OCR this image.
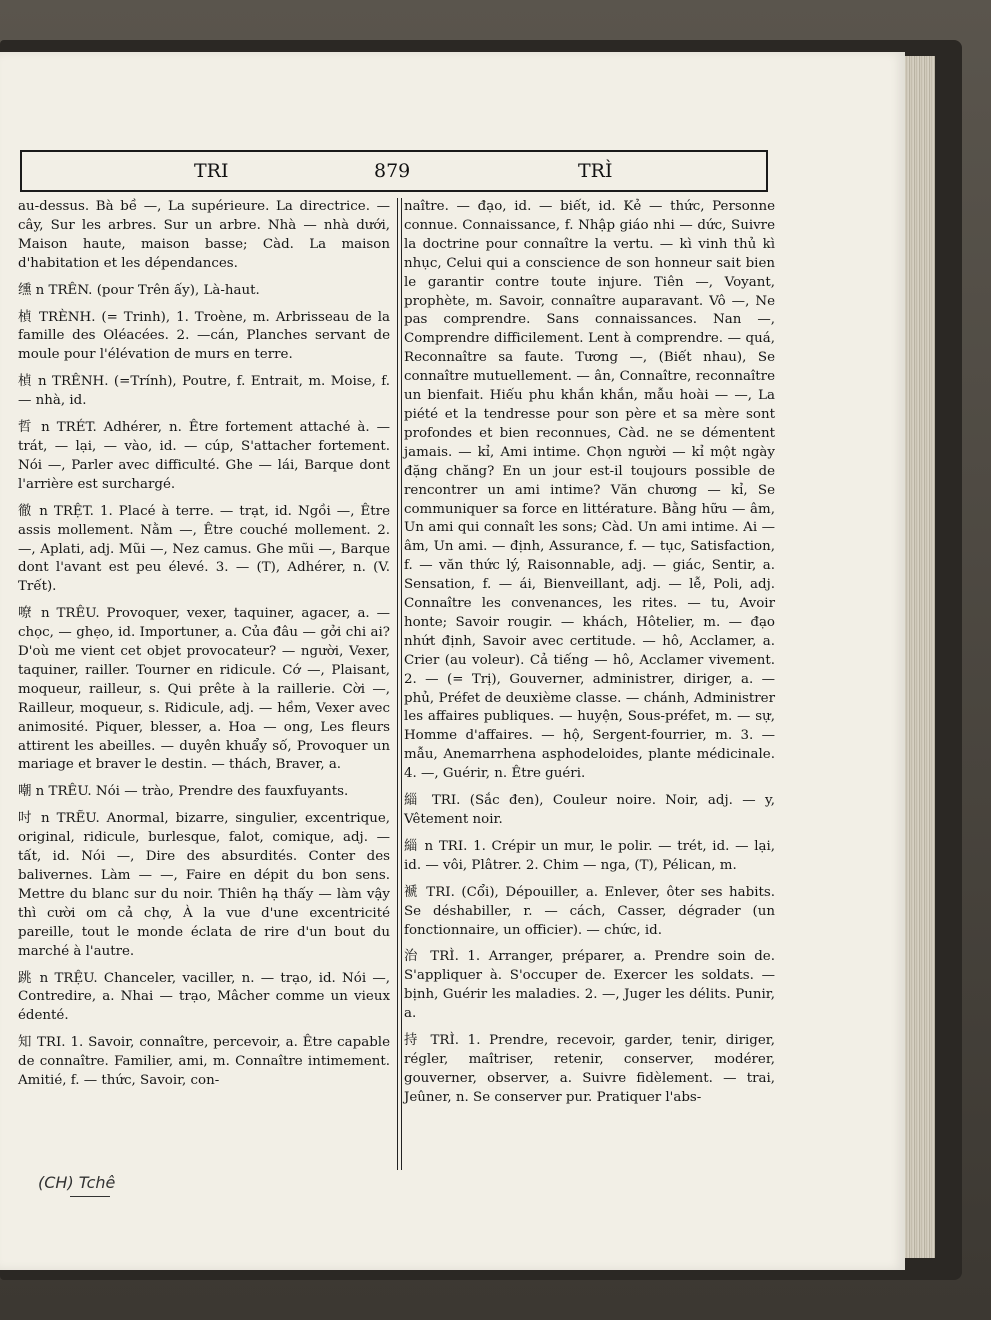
TRI	879	TRÌ

au-dessus. Bà bề —, La supérieure. La directrice. — cây, Sur les arbres. Sur un arbre. Nhà — nhà dưới, Maison haute, maison basse; Càd. La maison d'habitation et les dépendances.

𫄸 n TRÊN. (pour Trên ấy), Là-haut.

楨 TRÈNH. (= Trinh), 1. Troène, m. Arbrisseau de la famille des Oléacées. 2. —cán, Planches servant de moule pour l'élévation de murs en terre.

楨 n TRÊNH. (=Trính), Poutre, f. Entrait, m. Moise, f. — nhà, id.

哲 n TRÉT. Adhérer, n. Être fortement attaché à. — trát, — lại, — vào, id. — cúp, S'attacher fortement. Nói —, Parler avec difficulté. Ghe — lái, Barque dont l'arrière est surchargé.

徹 n TRỆT. 1. Placé à terre. — trạt, id. Ngồi —, Être assis mollement. Nằm —, Être couché mollement. 2. —, Aplati, adj. Mũi —, Nez camus. Ghe mũi —, Barque dont l'avant est peu élevé. 3. — (T), Adhérer, n. (V. Trết).

嘹 n TRÊU. Provoquer, vexer, taquiner, agacer, a. — chọc, — ghẹo, id. Importuner, a. Của đâu — gởi chi ai? D'où me vient cet objet provocateur? — người, Vexer, taquiner, railler. Tourner en ridicule. Cớ —, Plaisant, moqueur, railleur, s. Qui prête à la raillerie. Cời —, Railleur, moqueur, s. Ridicule, adj. — hềm, Vexer avec animosité. Piquer, blesser, a. Hoa — ong, Les fleurs attirent les abeilles. — duyên khuẩy số, Provoquer un mariage et braver le destin. — thách, Braver, a.

嘲 n TRÊU. Nói — trào, Prendre des fauxfuyants.

吋 n TRẼU. Anormal, bizarre, singulier, excentrique, original, ridicule, burlesque, falot, comique, adj. — tất, id. Nói —, Dire des absurdités. Conter des balivernes. Làm — —, Faire en dépit du bon sens. Mettre du blanc sur du noir. Thiên hạ thấy — làm vậy thì cười om cả chợ, À la vue d'une excentricité pareille, tout le monde éclata de rire d'un bout du marché à l'autre.

跳 n TRỆU. Chanceler, vaciller, n. — trạo, id. Nói —, Contredire, a. Nhai — trạo, Mâcher comme un vieux édenté.

知 TRI. 1. Savoir, connaître, percevoir, a. Être capable de connaître. Familier, ami, m. Connaître intimement. Amitié, f. — thức, Savoir, con-

naître. — đạo, id. — biết, id. Kẻ — thức, Personne connue. Connaissance, f. Nhập giáo nhi — dức, Suivre la doctrine pour connaître la vertu. — kì vinh thủ kì nhục, Celui qui a conscience de son honneur sait bien le garantir contre toute injure. Tiên —, Voyant, prophète, m. Savoir, connaître auparavant. Vô —, Ne pas comprendre. Sans connaissances. Nan —, Comprendre difficilement. Lent à comprendre. — quá, Reconnaître sa faute. Tương —, (Biết nhau), Se connaître mutuellement. — ân, Connaître, reconnaître un bienfait. Hiếu phu khắn khắn, mẫu hoài — —, La piété et la tendresse pour son père et sa mère sont profondes et bien reconnues, Càd. ne se démentent jamais. — kỉ, Ami intime. Chọn người — kỉ một ngày đặng chăng? En un jour est-il toujours possible de rencontrer un ami intime? Văn chương — kỉ, Se communiquer sa force en littérature. Bằng hữu — âm, Un ami qui connaît les sons; Càd. Un ami intime. Ai — âm, Un ami. — định, Assurance, f. — tục, Satisfaction, f. — văn thức lý, Raisonnable, adj. — giác, Sentir, a. Sensation, f. — ái, Bienveillant, adj. — lễ, Poli, adj. Connaître les convenances, les rites. — tu, Avoir honte; Savoir rougir. — khách, Hôtelier, m. — đạo nhứt định, Savoir avec certitude. — hô, Acclamer, a. Crier (au voleur). Cả tiếng — hô, Acclamer vivement. 2. — (= Trị), Gouverner, administrer, diriger, a. — phủ, Préfet de deuxième classe. — chánh, Administrer les affaires publiques. — huyện, Sous-préfet, m. — sự, Homme d'affaires. — hộ, Sergent-fourrier, m. 3. — mẫu, Anemarrhena asphodeloides, plante médicinale. 4. —, Guérir, n. Être guéri.

緇 TRI. (Sắc đen), Couleur noire. Noir, adj. — y, Vêtement noir.

緇 n TRI. 1. Crépir un mur, le polir. — trét, id. — lại, id. — vôi, Plâtrer. 2. Chim — nga, (T), Pélican, m.

褫 TRI. (Cổi), Dépouiller, a. Enlever, ôter ses habits. Se déshabiller, r. — cách, Casser, dégrader (un fonctionnaire, un officier). — chức, id.

治 TRÌ. 1. Arranger, préparer, a. Prendre soin de. S'appliquer à. S'occuper de. Exercer les soldats. — bịnh, Guérir les maladies. 2. —, Juger les délits. Punir, a.

持 TRÌ. 1. Prendre, recevoir, garder, tenir, diriger, régler, maîtriser, retenir, conserver, modérer, gouverner, observer, a. Suivre fidèlement. — trai, Jeûner, n. Se conserver pur. Pratiquer l'abs-

(CH) Tchê
